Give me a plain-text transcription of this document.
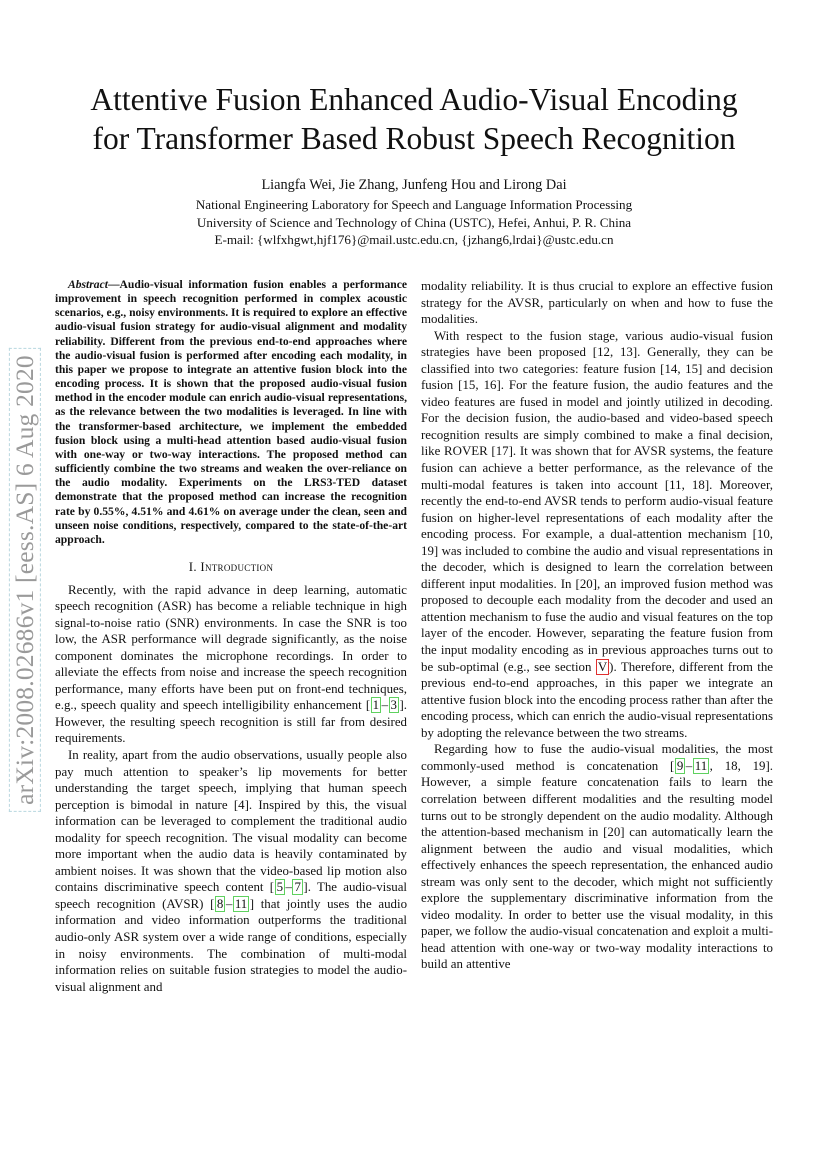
arXiv:2008.02686v1 [eess.AS] 6 Aug 2020
Attentive Fusion Enhanced Audio-Visual Encoding
for Transformer Based Robust Speech Recognition
Liangfa Wei, Jie Zhang, Junfeng Hou and Lirong Dai
National Engineering Laboratory for Speech and Language Information Processing
University of Science and Technology of China (USTC), Hefei, Anhui, P. R. China
E-mail: {wlfxhgwt,hjf176}@mail.ustc.edu.cn, {jzhang6,lrdai}@ustc.edu.cn

Abstract—Audio-visual information fusion enables a performance improvement in speech recognition performed in complex acoustic scenarios, e.g., noisy environments. It is required to explore an effective audio-visual fusion strategy for audio-visual alignment and modality reliability. Different from the previous end-to-end approaches where the audio-visual fusion is performed after encoding each modality, in this paper we propose to integrate an attentive fusion block into the encoding process. It is shown that the proposed audio-visual fusion method in the encoder module can enrich audio-visual representations, as the relevance between the two modalities is leveraged. In line with the transformer-based architecture, we implement the embedded fusion block using a multi-head attention based audio-visual fusion with one-way or two-way interactions. The proposed method can sufficiently combine the two streams and weaken the over-reliance on the audio modality. Experiments on the LRS3-TED dataset demonstrate that the proposed method can increase the recognition rate by 0.55%, 4.51% and 4.61% on average under the clean, seen and unseen noise conditions, respectively, compared to the state-of-the-art approach.

I. Introduction

Recently, with the rapid advance in deep learning, automatic speech recognition (ASR) has become a reliable technique in high signal-to-noise ratio (SNR) environments. In case the SNR is too low, the ASR performance will degrade significantly, as the noise component dominates the microphone recordings. In order to alleviate the effects from noise and increase the speech recognition performance, many efforts have been put on front-end techniques, e.g., speech quality and speech intelligibility enhancement [ 1 – 3 ]. However, the resulting speech recognition is still far from desired requirements.

In reality, apart from the audio observations, usually people also pay much attention to speaker’s lip movements for better understanding the target speech, implying that human speech perception is bimodal in nature [4]. Inspired by this, the visual information can be leveraged to complement the traditional audio modality for speech recognition. The visual modality can become more important when the audio data is heavily contaminated by ambient noises. It was shown that the video-based lip motion also contains discriminative speech content [ 5 – 7 ]. The audio-visual speech recognition (AVSR) [ 8 – 11 ] that jointly uses the audio information and video information outperforms the traditional audio-only ASR system over a wide range of conditions, especially in noisy environments. The combination of multi-modal information relies on suitable fusion strategies to model the audio-visual alignment and

modality reliability. It is thus crucial to explore an effective fusion strategy for the AVSR, particularly on when and how to fuse the modalities.

With respect to the fusion stage, various audio-visual fusion strategies have been proposed [12, 13]. Generally, they can be classified into two categories: feature fusion [14, 15] and decision fusion [15, 16]. For the feature fusion, the audio features and the video features are fused in model and jointly utilized in decoding. For the decision fusion, the audio-based and video-based speech recognition results are simply combined to make a final decision, like ROVER [17]. It was shown that for AVSR systems, the feature fusion can achieve a better performance, as the relevance of the multi-modal features is taken into account [11, 18]. Moreover, recently the end-to-end AVSR tends to perform audio-visual feature fusion on higher-level representations of each modality after the encoding process. For example, a dual-attention mechanism [10, 19] was included to combine the audio and visual representations in the decoder, which is designed to learn the correlation between different input modalities. In [20], an improved fusion method was proposed to decouple each modality from the decoder and used an attention mechanism to fuse the audio and visual features on the top layer of the encoder. However, separating the feature fusion from the input modality encoding as in previous approaches turns out to be sub-optimal (e.g., see section V ). Therefore, different from the previous end-to-end approaches, in this paper we integrate an attentive fusion block into the encoding process rather than after the encoding process, which can enrich the audio-visual representations by adopting the relevance between the two streams.

Regarding how to fuse the audio-visual modalities, the most commonly-used method is concatenation [ 9 – 11 , 18, 19]. However, a simple feature concatenation fails to learn the correlation between different modalities and the resulting model turns out to be strongly dependent on the audio modality. Although the attention-based mechanism in [20] can automatically learn the alignment between the audio and visual modalities, which effectively enhances the speech representation, the enhanced audio stream was only sent to the decoder, which might not sufficiently explore the supplementary discriminative information from the video modality. In order to better use the visual modality, in this paper, we follow the audio-visual concatenation and exploit a multi-head attention with one-way or two-way modality interactions to build an attentive
